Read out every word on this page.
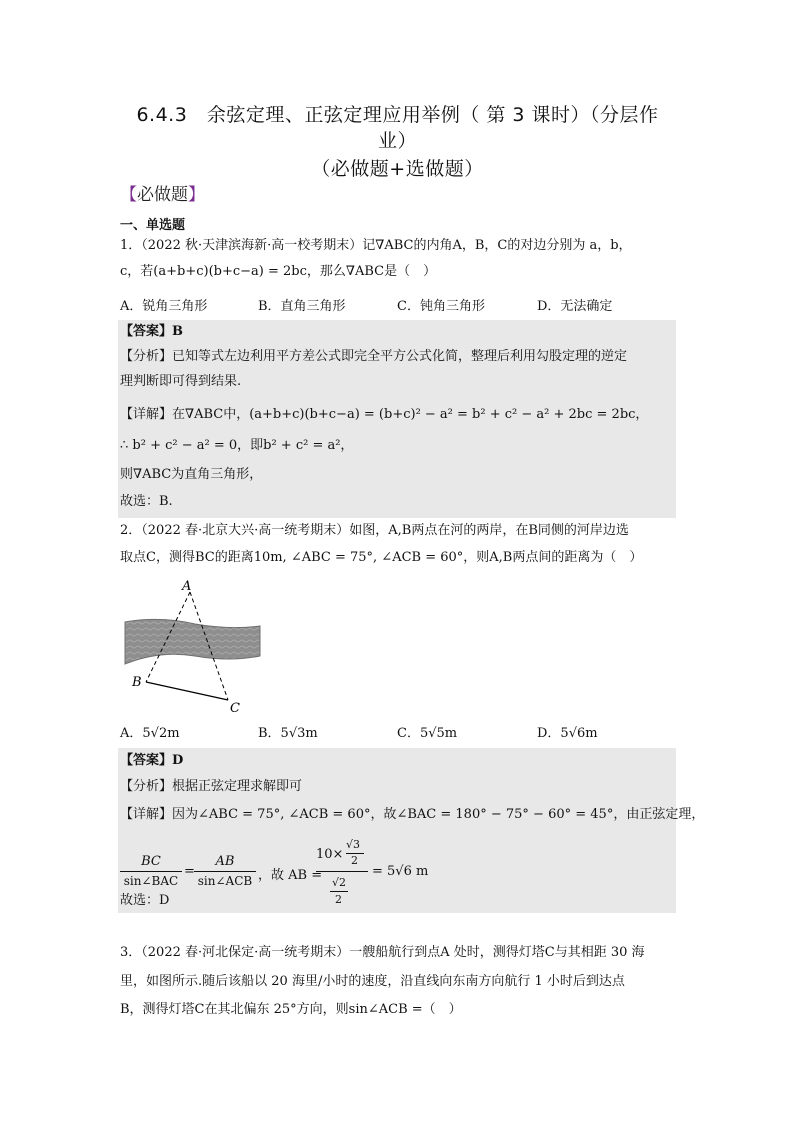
6.4.3　余弦定理、正弦定理应用举例（ 第 3 课时）（分层作
业）
（必做题+选做题）
【必做题】
一、单选题
1．（2022 秋·天津滨海新·高一校考期末）记∇ABC的内角A，B，C的对边分别为 a，b，
c，若(a+b+c)(b+c−a) = 2bc，那么∇ABC是（　）
A．锐角三角形	B．直角三角形	C．钝角三角形	D．无法确定
【答案】B
【分析】已知等式左边利用平方差公式即完全平方公式化简，整理后利用勾股定理的逆定
理判断即可得到结果.
【详解】在∇ABC中，(a+b+c)(b+c−a) = (b+c)² − a² = b² + c² − a² + 2bc = 2bc，
∴ b² + c² − a² = 0，即b² + c² = a²，
则∇ABC为直角三角形，
故选：B.
2．（2022 春·北京大兴·高一统考期末）如图，A,B两点在河的两岸，在B同侧的河岸边选
取点C，测得BC的距离10m, ∠ABC = 75°, ∠ACB = 60°，则A,B两点间的距离为（　）
A
B
C
A．5√2m	B．5√3m	C．5√5m	D．5√6m
【答案】D
【分析】根据正弦定理求解即可
【详解】因为∠ABC = 75°, ∠ACB = 60°，故∠BAC = 180° − 75° − 60° = 45°，由正弦定理，
BC
sin∠BAC
=
AB
sin∠ACB ，故 AB =
10×
√3
2
√2
2
= 5√6 m
故选：D
3．（2022 春·河北保定·高一统考期末）一艘船航行到点A 处时，测得灯塔C与其相距 30 海
里，如图所示.随后该船以 20 海里/小时的速度，沿直线向东南方向航行 1 小时后到达点
B，测得灯塔C在其北偏东 25°方向，则sin∠ACB =（　）
